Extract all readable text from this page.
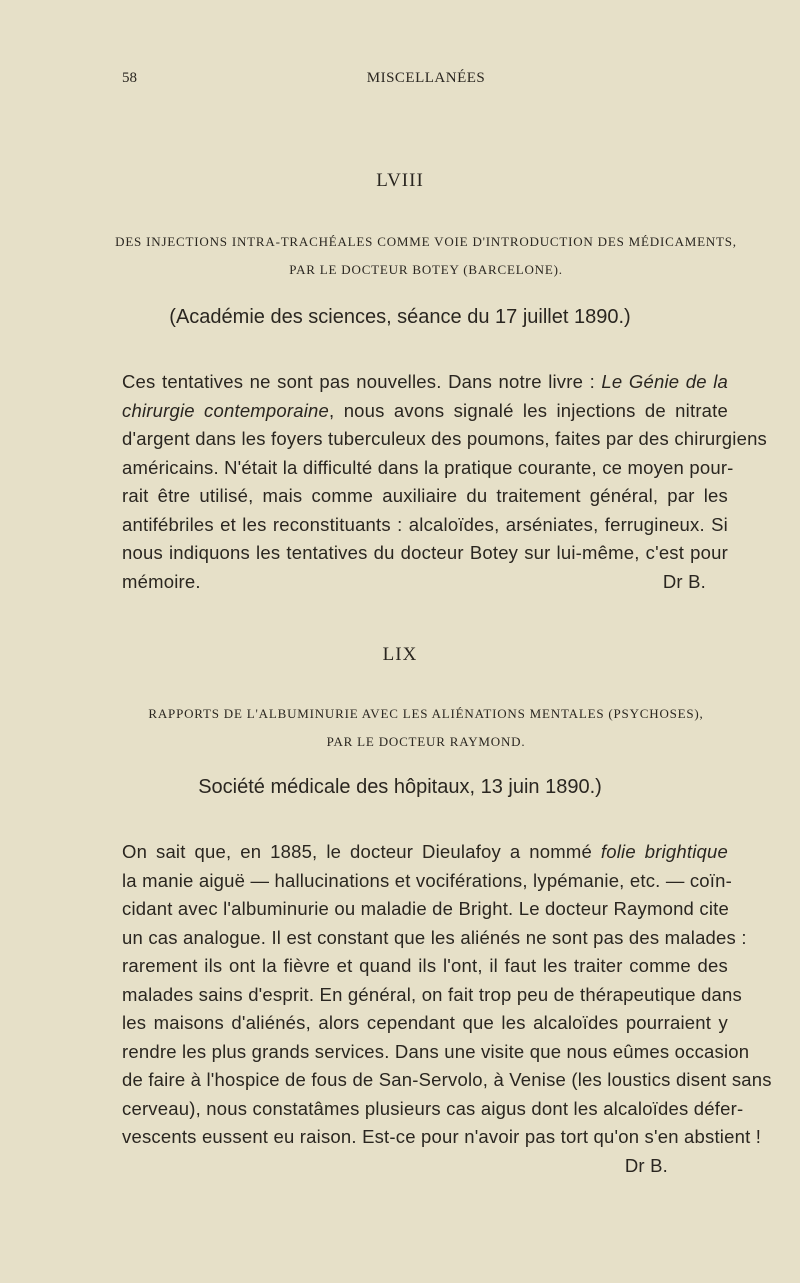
58	MISCELLANÉES
LVIII
DES INJECTIONS INTRA-TRACHÉALES COMME VOIE D'INTRODUCTION DES MÉDICAMENTS,
PAR LE DOCTEUR BOTEY (BARCELONE).
(Académie des sciences, séance du 17 juillet 1890.)
Ces tentatives ne sont pas nouvelles. Dans notre livre : Le Génie de la
chirurgie contemporaine, nous avons signalé les injections de nitrate
d'argent dans les foyers tuberculeux des poumons, faites par des chirurgiens
américains. N'était la difficulté dans la pratique courante, ce moyen pour-
rait être utilisé, mais comme auxiliaire du traitement général, par les
antifébriles et les reconstituants : alcaloïdes, arséniates, ferrugineux. Si
nous indiquons les tentatives du docteur Botey sur lui-même, c'est pour
mémoire.	Dr B.
LIX
RAPPORTS DE L'ALBUMINURIE AVEC LES ALIÉNATIONS MENTALES (PSYCHOSES),
PAR LE DOCTEUR RAYMOND.
Société médicale des hôpitaux, 13 juin 1890.)
On sait que, en 1885, le docteur Dieulafoy a nommé folie brightique
la manie aiguë — hallucinations et vociférations, lypémanie, etc. — coïn-
cidant avec l'albuminurie ou maladie de Bright. Le docteur Raymond cite
un cas analogue. Il est constant que les aliénés ne sont pas des malades :
rarement ils ont la fièvre et quand ils l'ont, il faut les traiter comme des
malades sains d'esprit. En général, on fait trop peu de thérapeutique dans
les maisons d'aliénés, alors cependant que les alcaloïdes pourraient y
rendre les plus grands services. Dans une visite que nous eûmes occasion
de faire à l'hospice de fous de San-Servolo, à Venise (les loustics disent sans
cerveau), nous constatâmes plusieurs cas aigus dont les alcaloïdes défer-
vescents eussent eu raison. Est-ce pour n'avoir pas tort qu'on s'en abstient !
Dr B.
